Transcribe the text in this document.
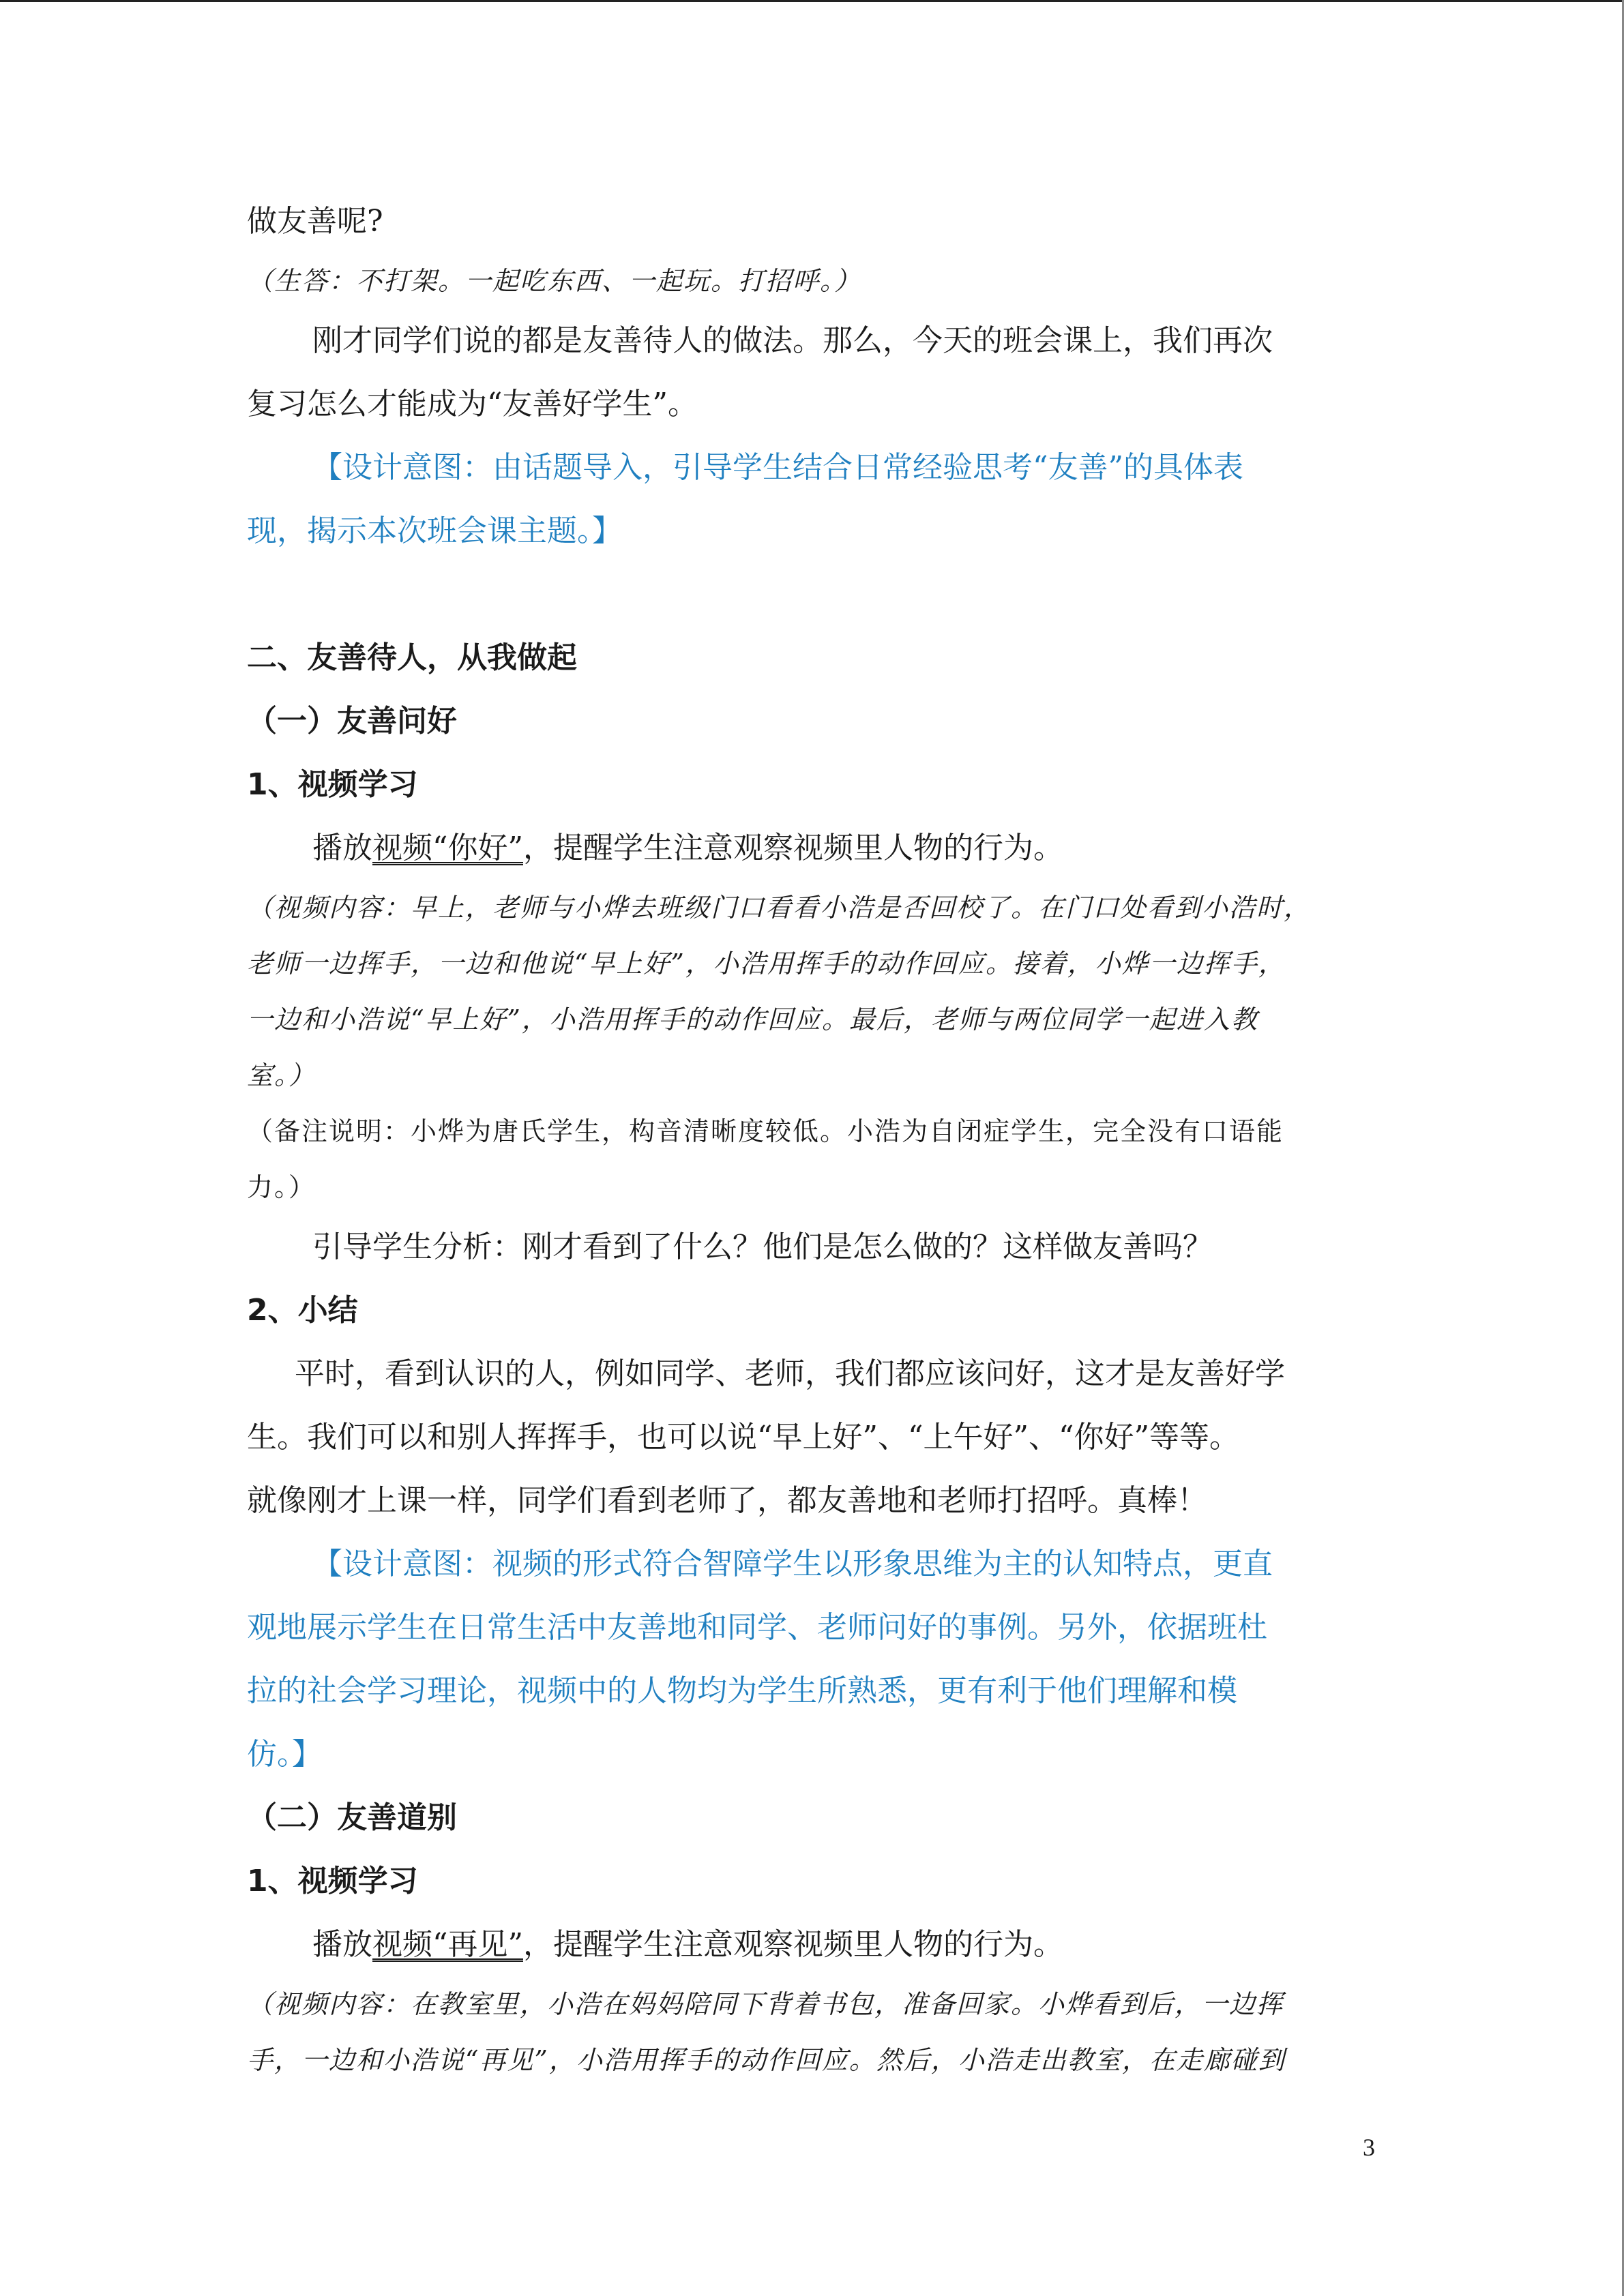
做友善呢?

（生答：不打架。一起吃东西、一起玩。打招呼。）

刚才同学们说的都是友善待人的做法。那么，今天的班会课上，我们再次

复习怎么才能成为“友善好学生”。

【设计意图：由话题导入，引导学生结合日常经验思考“友善”的具体表

现，揭示本次班会课主题。】

二、友善待人，从我做起

（一）友善问好

1、视频学习

播放视频“你好”，提醒学生注意观察视频里人物的行为。

（视频内容：早上，老师与小烨去班级门口看看小浩是否回校了。在门口处看到小浩时，

老师一边挥手，一边和他说“早上好”，小浩用挥手的动作回应。接着，小烨一边挥手，

一边和小浩说“早上好”，小浩用挥手的动作回应。最后，老师与两位同学一起进入教

室。）

（备注说明：小烨为唐氏学生，构音清晰度较低。小浩为自闭症学生，完全没有口语能

力。）

引导学生分析：刚才看到了什么？他们是怎么做的？这样做友善吗？

2、小结

平时，看到认识的人，例如同学、老师，我们都应该问好，这才是友善好学

生。我们可以和别人挥挥手，也可以说“早上好”、“上午好”、“你好”等等。

就像刚才上课一样，同学们看到老师了，都友善地和老师打招呼。真棒！

【设计意图：视频的形式符合智障学生以形象思维为主的认知特点，更直

观地展示学生在日常生活中友善地和同学、老师问好的事例。另外，依据班杜

拉的社会学习理论，视频中的人物均为学生所熟悉，更有利于他们理解和模

仿。】

（二）友善道别

1、视频学习

播放视频“再见”，提醒学生注意观察视频里人物的行为。

（视频内容：在教室里，小浩在妈妈陪同下背着书包，准备回家。小烨看到后，一边挥

手，一边和小浩说“再见”，小浩用挥手的动作回应。然后，小浩走出教室，在走廊碰到

3
